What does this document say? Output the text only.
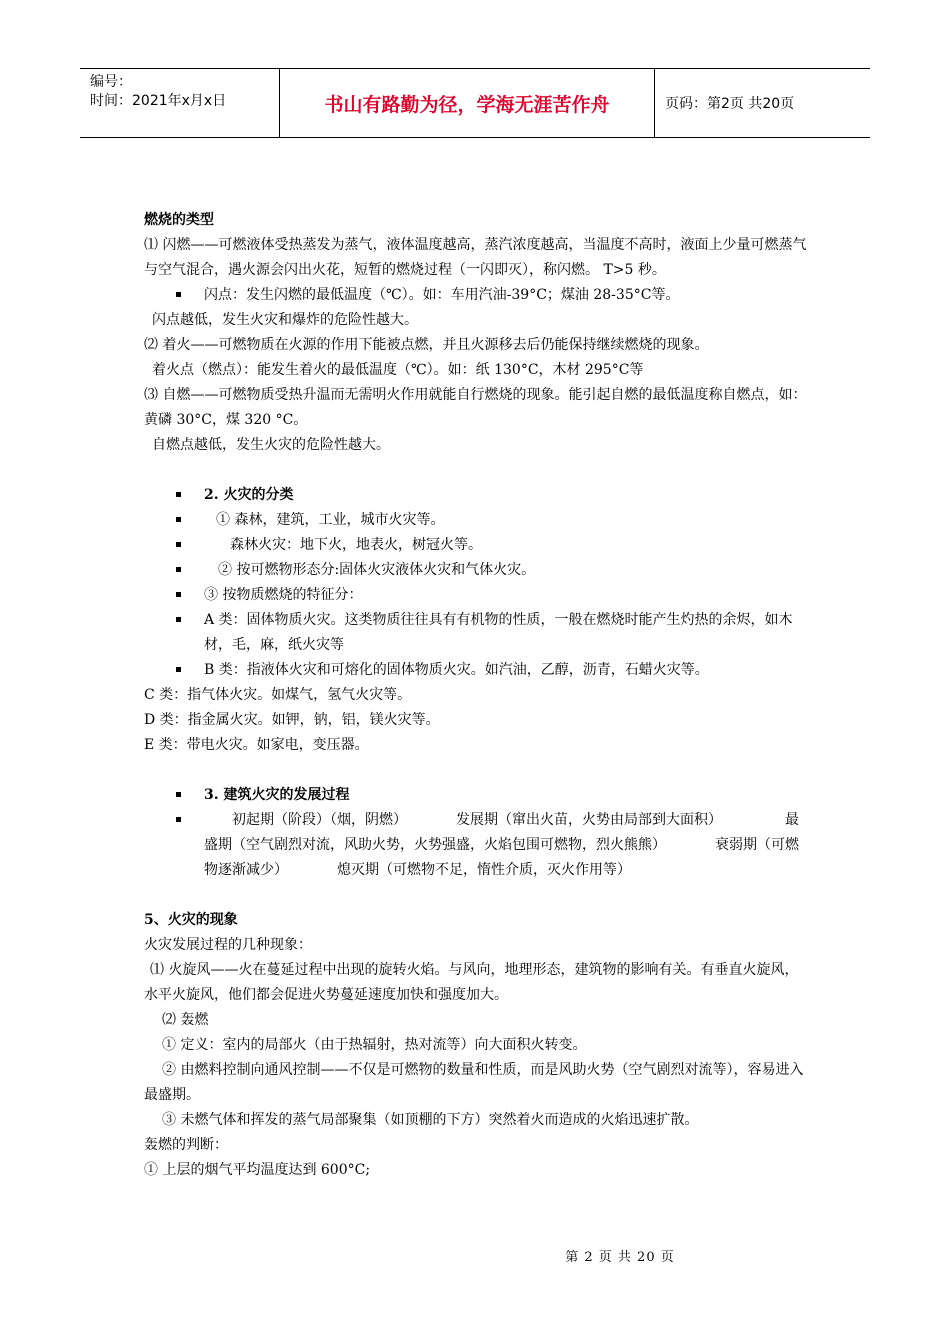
编号：
时间：2021年x月x日	书山有路勤为径，学海无涯苦作舟	页码：第2页 共20页
燃烧的类型
⑴ 闪燃——可燃液体受热蒸发为蒸气，液体温度越高，蒸汽浓度越高，当温度不高时，液面上少量可燃蒸气与空气混合，遇火源会闪出火花，短暂的燃烧过程（一闪即灭），称闪燃。 T>5 秒。
闪点：发生闪燃的最低温度（℃）。如：车用汽油-39°C；煤油 28-35°C等。
闪点越低，发生火灾和爆炸的危险性越大。
⑵ 着火——可燃物质在火源的作用下能被点燃，并且火源移去后仍能保持继续燃烧的现象。
着火点（燃点）：能发生着火的最低温度（℃）。如：纸 130°C，木材 295°C等
⑶ 自燃——可燃物质受热升温而无需明火作用就能自行燃烧的现象。能引起自燃的最低温度称自燃点，如：黄磷 30°C，煤 320 °C。
自燃点越低，发生火灾的危险性越大。
2. 火灾的分类
① 森林，建筑，工业，城市火灾等。
森林火灾：地下火，地表火，树冠火等。
② 按可燃物形态分:固体火灾液体火灾和气体火灾。
③ 按物质燃烧的特征分：
A 类：固体物质火灾。这类物质往往具有有机物的性质，一般在燃烧时能产生灼热的余烬，如木材，毛，麻，纸火灾等
B 类：指液体火灾和可熔化的固体物质火灾。如汽油，乙醇，沥青，石蜡火灾等。
C 类：指气体火灾。如煤气，氢气火灾等。
D 类：指金属火灾。如钾，钠，铝，镁火灾等。
E 类：带电火灾。如家电，变压器。
3. 建筑火灾的发展过程
初起期（阶段）（烟，阴燃）　　　　发展期（窜出火苗，火势由局部到大面积）　　　　　最盛期（空气剧烈对流，风助火势，火势强盛，火焰包围可燃物，烈火熊熊）　　　　衰弱期（可燃物逐渐减少）　　　　熄灭期（可燃物不足，惰性介质，灭火作用等）
5、火灾的现象
火灾发展过程的几种现象：
⑴ 火旋风——火在蔓延过程中出现的旋转火焰。与风向，地理形态，建筑物的影响有关。有垂直火旋风，水平火旋风，他们都会促进火势蔓延速度加快和强度加大。
⑵ 轰燃
① 定义：室内的局部火（由于热辐射，热对流等）向大面积火转变。
② 由燃料控制向通风控制——不仅是可燃物的数量和性质，而是风助火势（空气剧烈对流等），容易进入最盛期。
③ 未燃气体和挥发的蒸气局部聚集（如顶棚的下方）突然着火而造成的火焰迅速扩散。
轰燃的判断：
① 上层的烟气平均温度达到 600°C;
第 2 页 共 20 页
